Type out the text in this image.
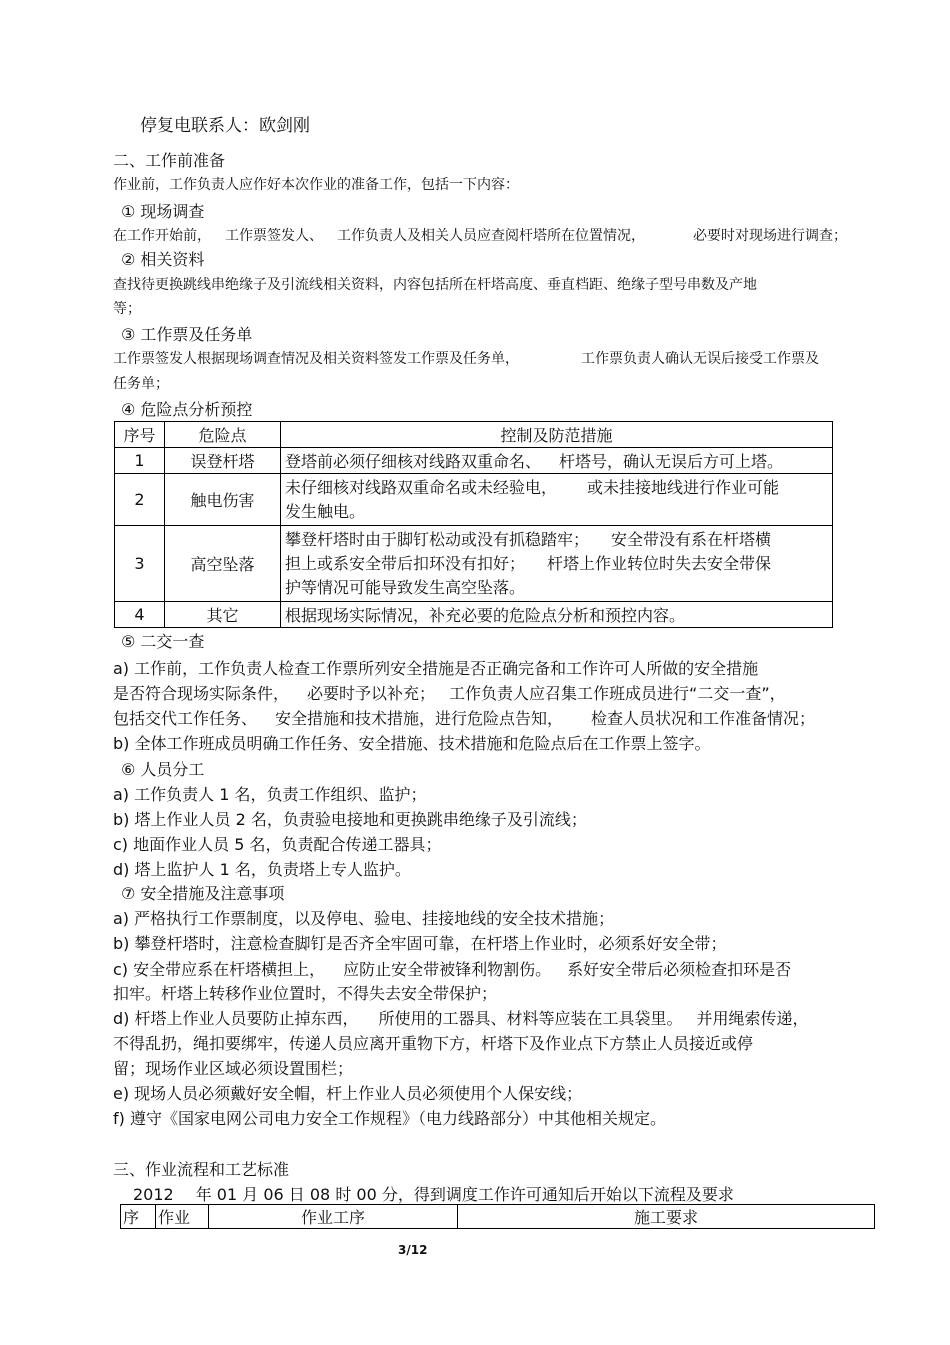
停复电联系人：欧剑刚
二、工作前准备
作业前，工作负责人应作好本次作业的准备工作，包括一下内容：
① 现场调查
在工作开始前， 工作票签发人、 工作负责人及相关人员应查阅杆塔所在位置情况，	必要时对现场进行调查；
② 相关资料
查找待更换跳线串绝缘子及引流线相关资料，内容包括所在杆塔高度、垂直档距、绝缘子型号串数及产地
等；
③ 工作票及任务单
工作票签发人根据现场调查情况及相关资料签发工作票及任务单，	工作票负责人确认无误后接受工作票及
任务单；
④ 危险点分析预控
序号	危险点	控制及防范措施
1	误登杆塔	登塔前必须仔细核对线路双重命名、 杆塔号，确认无误后方可上塔。
2	触电伤害	未仔细核对线路双重命名或未经验电， 或未挂接地线进行作业可能
发生触电。
3	高空坠落	攀登杆塔时由于脚钉松动或没有抓稳踏牢； 安全带没有系在杆塔横
担上或系安全带后扣环没有扣好； 杆塔上作业转位时失去安全带保
护等情况可能导致发生高空坠落。
4	其它	根据现场实际情况，补充必要的危险点分析和预控内容。
⑤ 二交一查
a) 工作前，工作负责人检查工作票所列安全措施是否正确完备和工作许可人所做的安全措施
是否符合现场实际条件， 必要时予以补充； 工作负责人应召集工作班成员进行“二交一查”，
包括交代工作任务、 安全措施和技术措施，进行危险点告知， 检查人员状况和工作准备情况；
b) 全体工作班成员明确工作任务、安全措施、技术措施和危险点后在工作票上签字。
⑥ 人员分工
a) 工作负责人 1 名，负责工作组织、监护；
b) 塔上作业人员 2 名，负责验电接地和更换跳串绝缘子及引流线；
c) 地面作业人员 5 名，负责配合传递工器具；
d) 塔上监护人 1 名，负责塔上专人监护。
⑦ 安全措施及注意事项
a) 严格执行工作票制度，以及停电、验电、挂接地线的安全技术措施；
b) 攀登杆塔时，注意检查脚钉是否齐全牢固可靠，在杆塔上作业时，必须系好安全带；
c) 安全带应系在杆塔横担上， 应防止安全带被锋利物割伤。 系好安全带后必须检查扣环是否
扣牢。杆塔上转移作业位置时，不得失去安全带保护；
d) 杆塔上作业人员要防止掉东西， 所使用的工器具、材料等应装在工具袋里。 并用绳索传递，
不得乱扔，绳扣要绑牢，传递人员应离开重物下方，杆塔下及作业点下方禁止人员接近或停
留；现场作业区域必须设置围栏；
e) 现场人员必须戴好安全帽，杆上作业人员必须使用个人保安线；
f) 遵守《国家电网公司电力安全工作规程》（电力线路部分）中其他相关规定。
三、作业流程和工艺标准
2012 年 01 月 06 日 08 时 00 分，得到调度工作许可通知后开始以下流程及要求
序	作业	作业工序	施工要求
3/12
